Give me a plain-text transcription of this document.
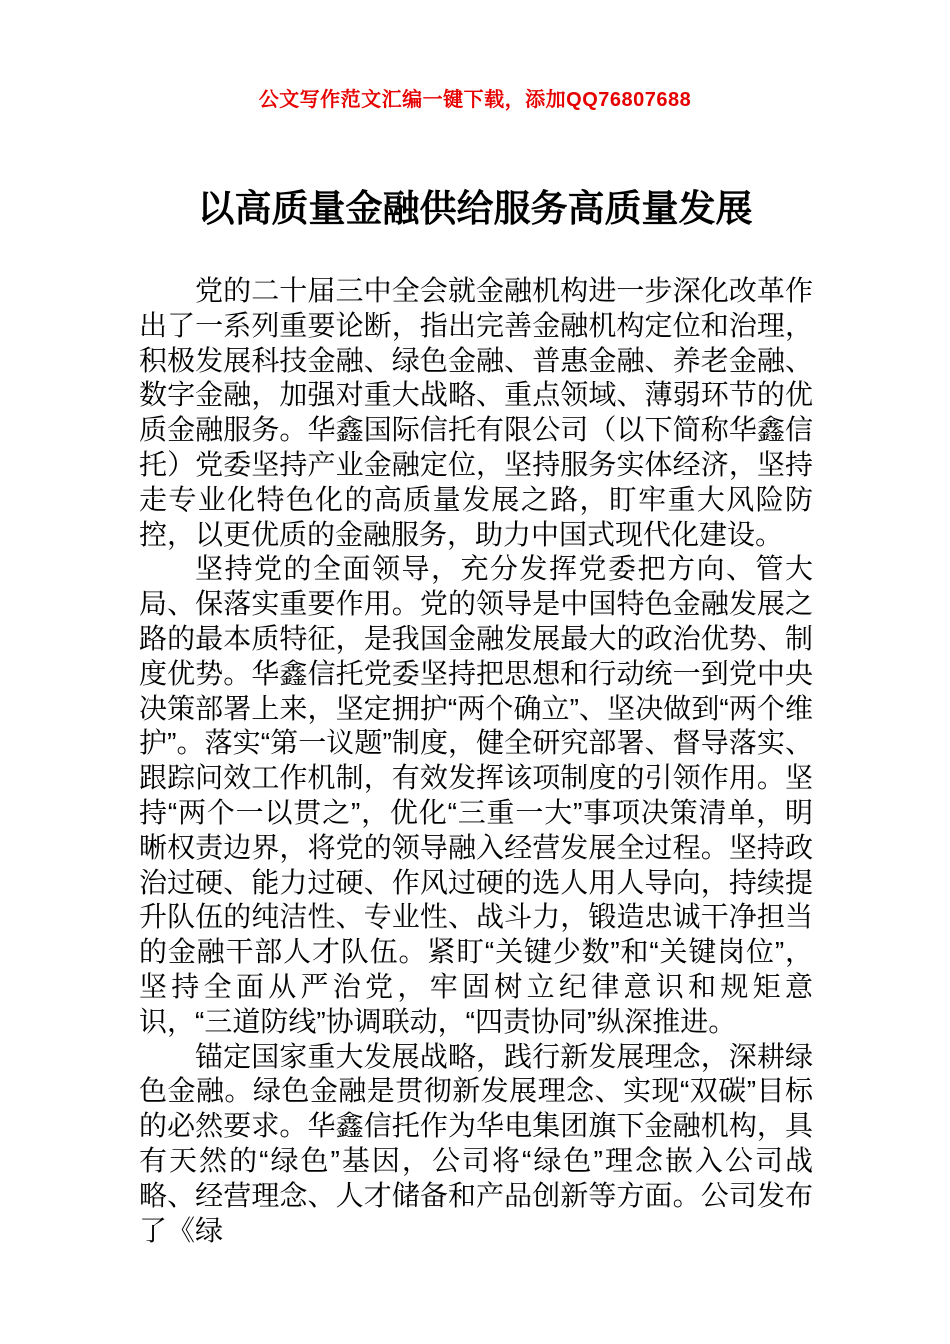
公文写作范文汇编一键下载，添加QQ76807688
以高质量金融供给服务高质量发展

党的二十届三中全会就金融机构进一步深化改革作出了一系列重要论断，指出完善金融机构定位和治理，积极发展科技金融、绿色金融、普惠金融、养老金融、数字金融，加强对重大战略、重点领域、薄弱环节的优质金融服务。华鑫国际信托有限公司（以下简称华鑫信托）党委坚持产业金融定位，坚持服务实体经济，坚持走专业化特色化的高质量发展之路，盯牢重大风险防控，以更优质的金融服务，助力中国式现代化建设。

坚持党的全面领导，充分发挥党委把方向、管大局、保落实重要作用。党的领导是中国特色金融发展之路的最本质特征，是我国金融发展最大的政治优势、制度优势。华鑫信托党委坚持把思想和行动统一到党中央决策部署上来，坚定拥护“两个确立”、坚决做到“两个维护”。落实“第一议题”制度，健全研究部署、督导落实、跟踪问效工作机制，有效发挥该项制度的引领作用。坚持“两个一以贯之”，优化“三重一大”事项决策清单，明晰权责边界，将党的领导融入经营发展全过程。坚持政治过硬、能力过硬、作风过硬的选人用人导向，持续提升队伍的纯洁性、专业性、战斗力，锻造忠诚干净担当的金融干部人才队伍。紧盯“关键少数”和“关键岗位”，坚持全面从严治党，牢固树立纪律意识和规矩意识，“三道防线”协调联动，“四责协同”纵深推进。

锚定国家重大发展战略，践行新发展理念，深耕绿色金融。绿色金融是贯彻新发展理念、实现“双碳”目标的必然要求。华鑫信托作为华电集团旗下金融机构，具有天然的“绿色”基因，公司将“绿色”理念嵌入公司战略、经营理念、人才储备和产品创新等方面。公司发布了《绿
